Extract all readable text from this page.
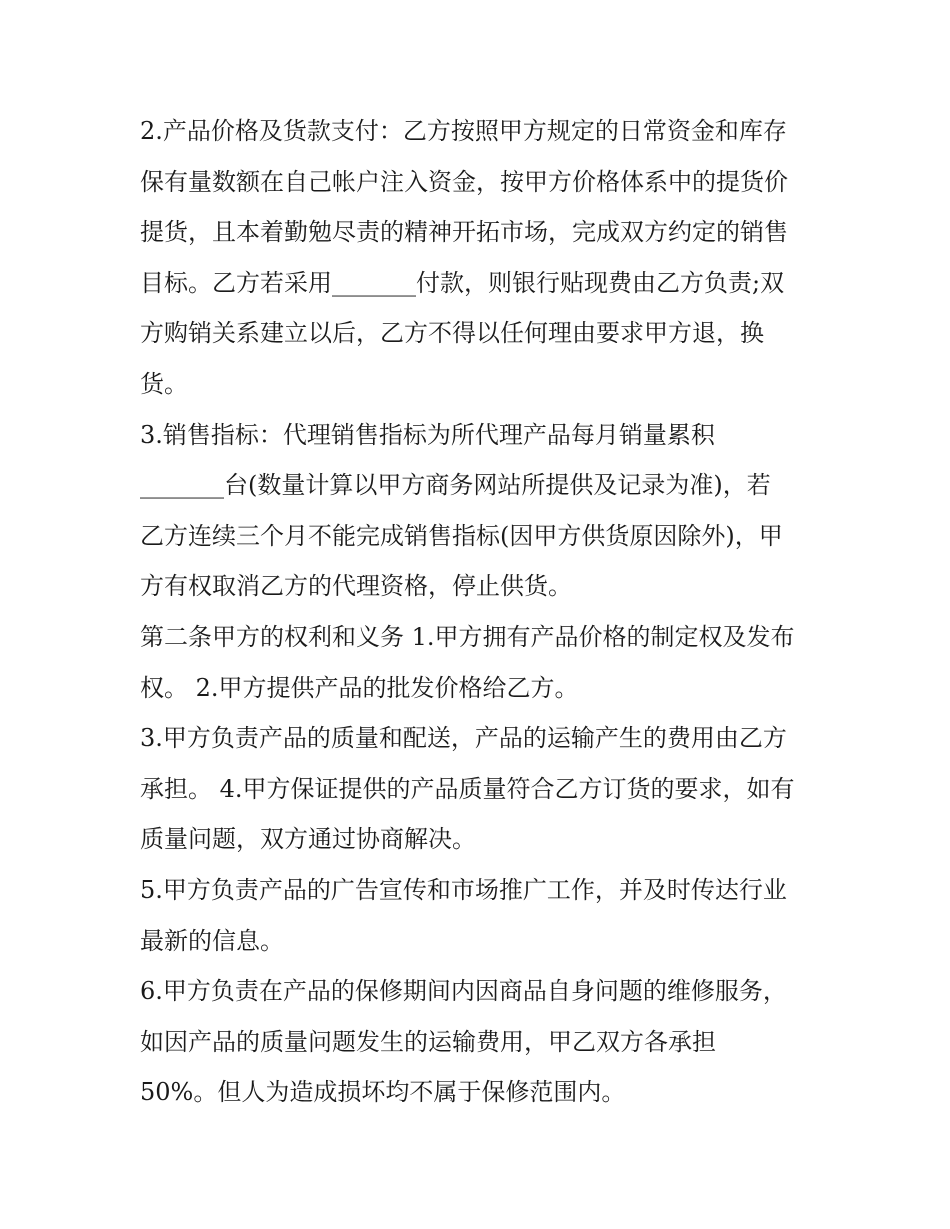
2.产品价格及货款支付：乙方按照甲方规定的日常资金和库存
保有量数额在自己帐户注入资金，按甲方价格体系中的提货价
提货，且本着勤勉尽责的精神开拓市场，完成双方约定的销售
目标。乙方若采用_______付款，则银行贴现费由乙方负责;双
方购销关系建立以后，乙方不得以任何理由要求甲方退，换
货。
3.销售指标：代理销售指标为所代理产品每月销量累积
_______台(数量计算以甲方商务网站所提供及记录为准)，若
乙方连续三个月不能完成销售指标(因甲方供货原因除外)，甲
方有权取消乙方的代理资格，停止供货。
第二条甲方的权利和义务 1.甲方拥有产品价格的制定权及发布
权。 2.甲方提供产品的批发价格给乙方。
3.甲方负责产品的质量和配送，产品的运输产生的费用由乙方
承担。 4.甲方保证提供的产品质量符合乙方订货的要求，如有
质量问题，双方通过协商解决。
5.甲方负责产品的广告宣传和市场推广工作，并及时传达行业
最新的信息。
6.甲方负责在产品的保修期间内因商品自身问题的维修服务，
如因产品的质量问题发生的运输费用，甲乙双方各承担
50%。但人为造成损坏均不属于保修范围内。
